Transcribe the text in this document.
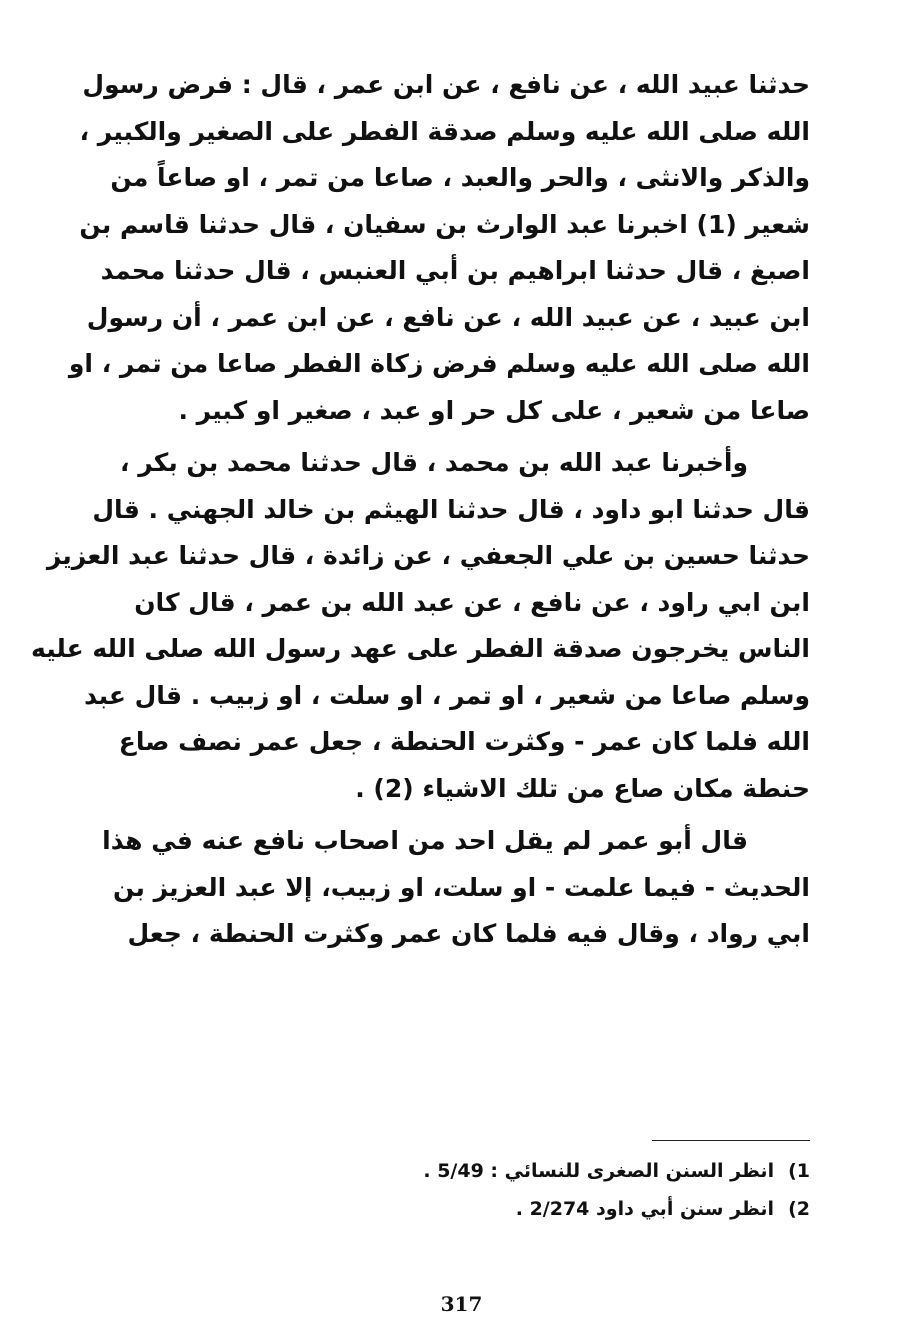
حدثنا عبيد الله ، عن نافع ، عن ابن عمر ، قال : فرض رسول
الله صلى الله عليه وسلم صدقة الفطر على الصغير والكبير ،
والذكر والانثى ، والحر والعبد ، صاعا من تمر ، او صاعاً من
شعير (1) اخبرنا عبد الوارث بن سفيان ، قال حدثنا قاسم بن
اصبغ ، قال حدثنا ابراهيم بن أبي العنبس ، قال حدثنا محمد
ابن عبيد ، عن عبيد الله ، عن نافع ، عن ابن عمر ، أن رسول
الله صلى الله عليه وسلم فرض زكاة الفطر صاعا من تمر ، او
صاعا من شعير ، على كل حر او عبد ، صغير او كبير .
وأخبرنا عبد الله بن محمد ، قال حدثنا محمد بن بكر ،
قال حدثنا ابو داود ، قال حدثنا الهيثم بن خالد الجهني . قال
حدثنا حسين بن علي الجعفي ، عن زائدة ، قال حدثنا عبد العزيز
ابن ابي راود ، عن نافع ، عن عبد الله بن عمر ، قال كان
الناس يخرجون صدقة الفطر على عهد رسول الله صلى الله عليه
وسلم صاعا من شعير ، او تمر ، او سلت ، او زبيب . قال عبد
الله فلما كان عمر - وكثرت الحنطة ، جعل عمر نصف صاع
حنطة مكان صاع من تلك الاشياء (2) .
قال أبو عمر لم يقل احد من اصحاب نافع عنه في هذا
الحديث - فيما علمت - او سلت، او زبيب، إلا عبد العزيز بن
ابي رواد ، وقال فيه فلما كان عمر وكثرت الحنطة ، جعل
1)انظر السنن الصغرى للنسائي : 5/49 .
2)انظر سنن أبي داود 2/274 .
317
